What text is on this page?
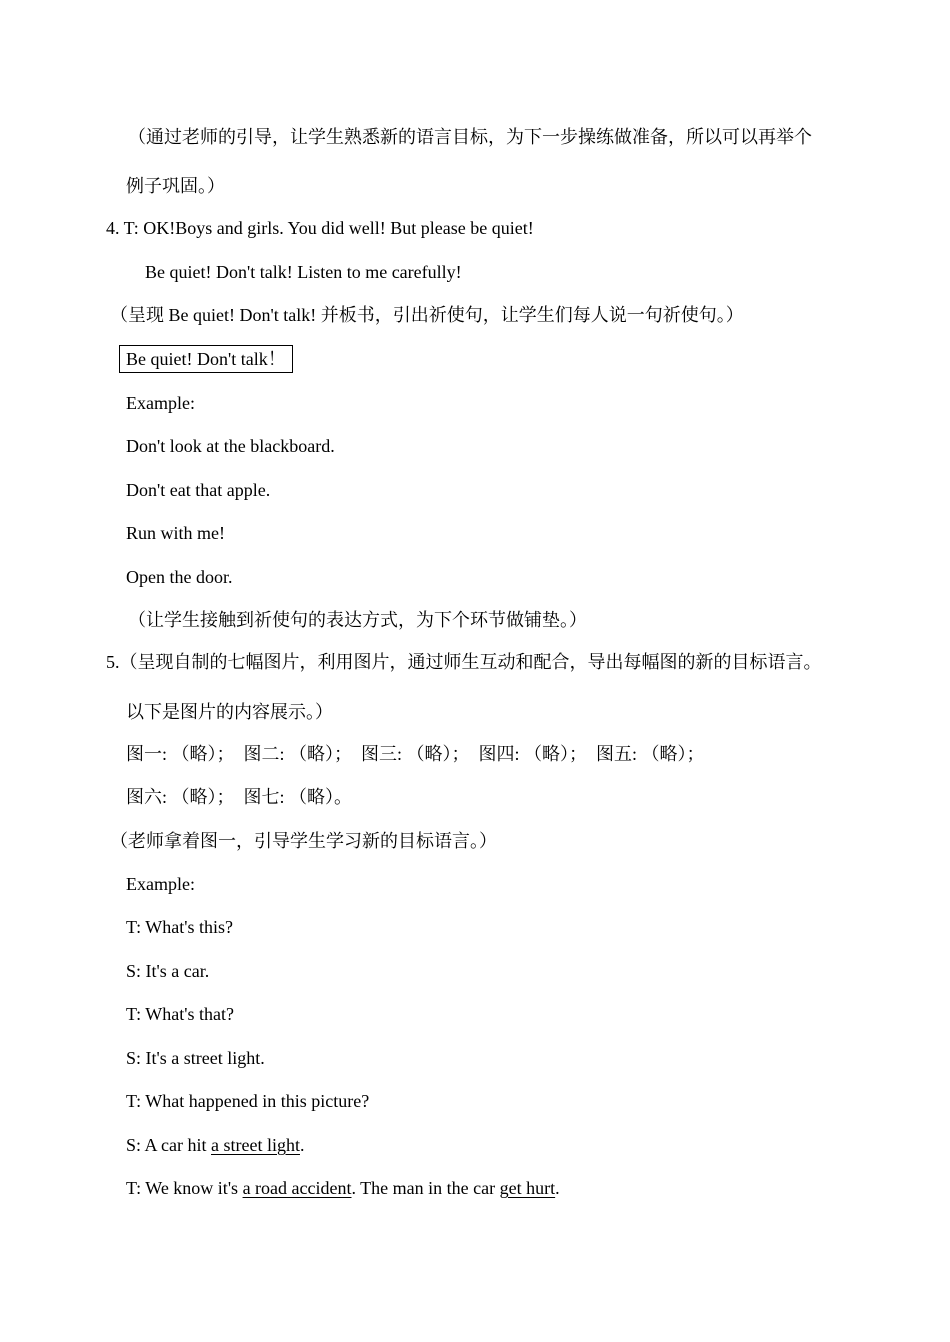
（通过老师的引导，让学生熟悉新的语言目标，为下一步操练做准备，所以可以再举个
例子巩固。）
4. T: OK!Boys and girls. You did well! But please be quiet!
Be quiet! Don't talk! Listen to me carefully!
（呈现 Be quiet! Don't talk! 并板书，引出祈使句，让学生们每人说一句祈使句。）
Be quiet! Don't talk！
Example:
Don't look at the blackboard.
Don't eat that apple.
Run with me!
Open the door.
（让学生接触到祈使句的表达方式，为下个环节做铺垫。）
5.（呈现自制的七幅图片，利用图片，通过师生互动和配合，导出每幅图的新的目标语言。
以下是图片的内容展示。）
图一: （略）；　图二: （略）；　图三: （略）；　图四: （略）；　图五: （略）；
图六: （略）；　图七: （略）。
（老师拿着图一，引导学生学习新的目标语言。）
Example:
T: What's this?
S: It's a car.
T: What's that?
S: It's a street light.
T: What happened in this picture?
S: A car hit a street light.
T: We know it's a road accident. The man in the car get hurt.
